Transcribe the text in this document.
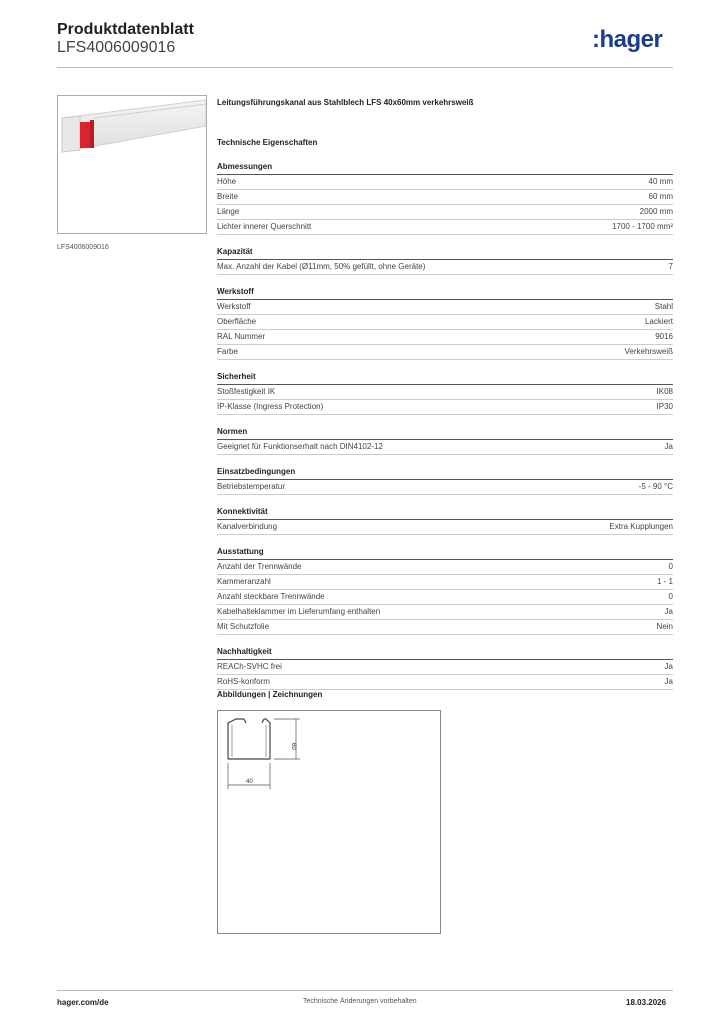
Produktdatenblatt
LFS4006009016	:hager
LFS4006009016
Leitungsführungskanal aus Stahlblech LFS 40x60mm verkehrsweiß
Technische Eigenschaften
Abmessungen
Höhe	40 mm
Breite	60 mm
Länge	2000 mm
Lichter innerer Querschnitt	1700 - 1700 mm²
Kapazität
Max. Anzahl der Kabel (Ø11mm, 50% gefüllt, ohne Geräte)	7
Werkstoff
Werkstoff	Stahl
Oberfläche	Lackiert
RAL Nummer	9016
Farbe	Verkehrsweiß
Sicherheit
Stoßfestigkeit IK	IK08
IP-Klasse (Ingress Protection)	IP30
Normen
Geeignet für Funktionserhalt nach DIN4102-12	Ja
Einsatzbedingungen
Betriebstemperatur	-5 - 90 °C
Konnektivität
Kanalverbindung	Extra Kupplungen
Ausstattung
Anzahl der Trennwände	0
Kammeranzahl	1 - 1
Anzahl steckbare Trennwände	0
Kabelhalteklammer im Lieferumfang enthalten	Ja
Mit Schutzfolie	Nein
Nachhaltigkeit
REACh-SVHC frei	Ja
RoHS-konform	Ja
Abbildungen | Zeichnungen
60
40
hager.com/de	Technische Änderungen vorbehalten	18.03.2026
